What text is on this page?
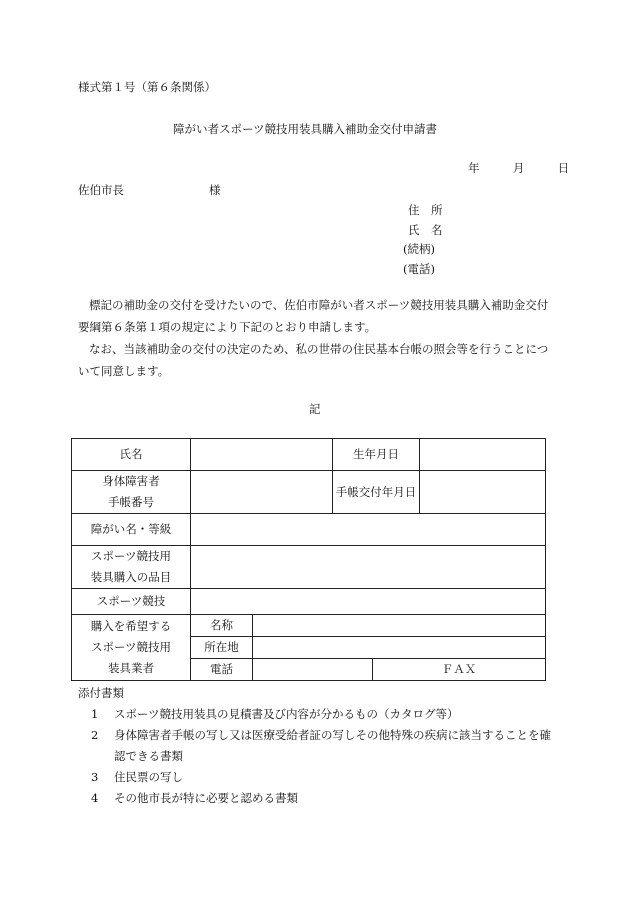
様式第１号（第６条関係）
障がい者スポーツ競技用装具購入補助金交付申請書
年	月	日
佐伯市長	様
住　所
氏　名
(続柄)
(電話)

標記の補助金の交付を受けたいので、佐伯市障がい者スポーツ競技用装具購入補助金交付要綱第６条第１項の規定により下記のとおり申請します。

なお、当該補助金の交付の決定のため、私の世帯の住民基本台帳の照会等を行うことについて同意します。

記
氏名			生年月日			

身体障害者
手帳番号			手帳交付年月日			
障がい名・等級						

スポーツ競技用
装具購入の品目						

スポーツ競技						

購入を希望する
スポーツ競技用
装具業者	名称					
	所在地					
	電話			ＦＡＸ		
添付書類
1 スポーツ競技用装具の見積書及び内容が分かるもの（カタログ等）
2 身体障害者手帳の写し又は医療受給者証の写しその他特殊の疾病に該当することを確認できる書類
3 住民票の写し
4 その他市長が特に必要と認める書類
